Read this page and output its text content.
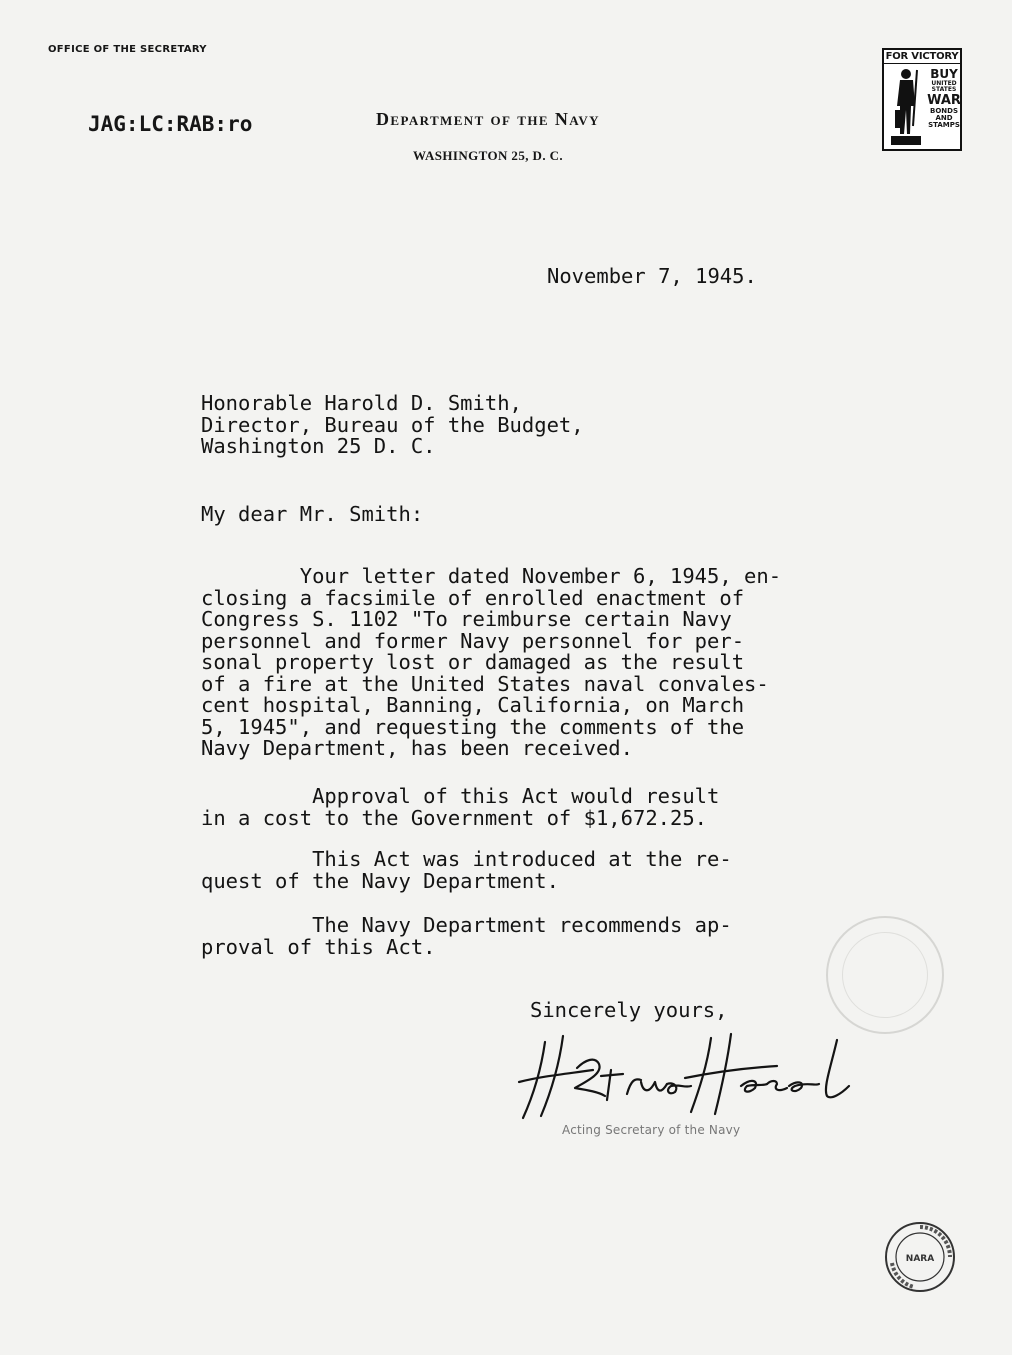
OFFICE OF THE SECRETARY
JAG:LC:RAB:ro	Department of the Navy
WASHINGTON 25, D. C.
FOR VICTORY
BUY
UNITED STATES
WAR
BONDS AND
STAMPS
November 7, 1945.
Honorable Harold D. Smith,
Director, Bureau of the Budget,
Washington 25 D. C.
My dear Mr. Smith:
Your letter dated November 6, 1945, en-
closing a facsimile of enrolled enactment of
Congress S. 1102 "To reimburse certain Navy
personnel and former Navy personnel for per-
sonal property lost or damaged as the result
of a fire at the United States naval convales-
cent hospital, Banning, California, on March
5, 1945", and requesting the comments of the
Navy Department, has been received.
Approval of this Act would result
in a cost to the Government of $1,672.25.
This Act was introduced at the re-
quest of the Navy Department.
The Navy Department recommends ap-
proval of this Act.
Sincerely yours,
Acting Secretary of the Navy
NARA
